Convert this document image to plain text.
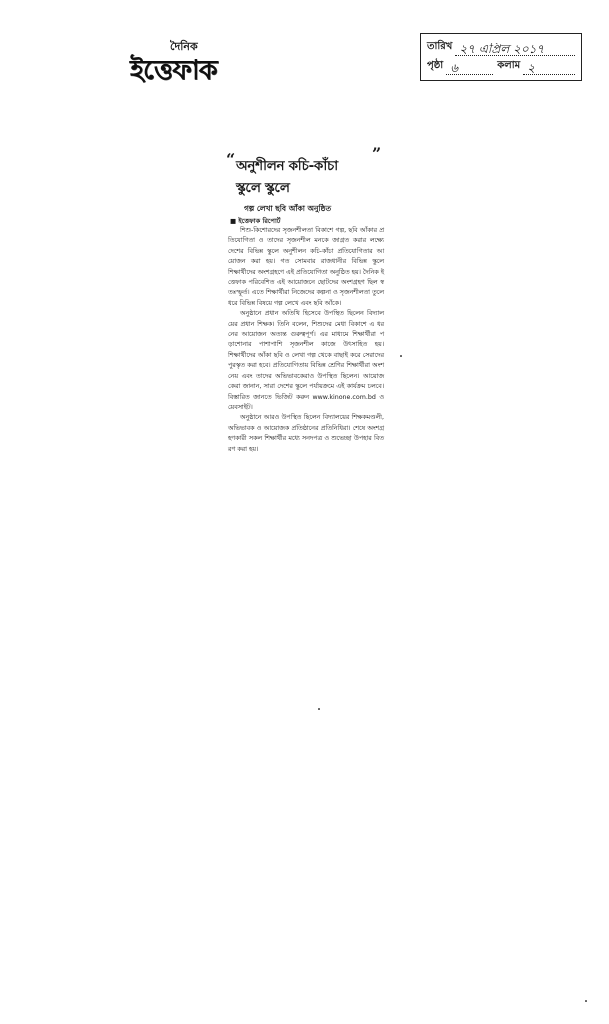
দৈনিক
ইত্তেফাক
তারিখ ২৭ এপ্রিল ২০১৭
পৃষ্ঠা ৬	কলাম ২
“	”
অনুশীলন কচি-কাঁচা
স্কুলে স্কুলে
গল্প লেখা ছবি আঁকা অনুষ্ঠিত
■ ইত্তেফাক রিপোর্ট

শিশু-কিশোরদের সৃজনশীলতা বিকাশে গল্প, ছবি আঁকার প্রতিযোগিতা ও তাদের সৃজনশীল মনকে জাগ্রত করার লক্ষ্যে দেশের বিভিন্ন স্কুলে অনুশীলন কচি-কাঁচা প্রতিযোগিতার আয়োজন করা হয়। গত সোমবার রাজধানীর বিভিন্ন স্কুলে শিক্ষার্থীদের অংশগ্রহণে এই প্রতিযোগিতা অনুষ্ঠিত হয়। দৈনিক ইত্তেফাক পরিবেশিত এই আয়োজনে ছোটদের অংশগ্রহণ ছিল স্বতঃস্ফূর্ত। এতে শিক্ষার্থীরা নিজেদের কল্পনা ও সৃজনশীলতা তুলে ধরে বিভিন্ন বিষয়ে গল্প লেখে এবং ছবি আঁকে।

অনুষ্ঠানে প্রধান অতিথি হিসেবে উপস্থিত ছিলেন বিদ্যালয়ের প্রধান শিক্ষক। তিনি বলেন, শিশুদের মেধা বিকাশে এ ধরনের আয়োজন অত্যন্ত গুরুত্বপূর্ণ। এর মাধ্যমে শিক্ষার্থীরা পড়াশোনার পাশাপাশি সৃজনশীল কাজে উৎসাহিত হয়। শিক্ষার্থীদের আঁকা ছবি ও লেখা গল্প থেকে বাছাই করে সেরাদের পুরস্কৃত করা হবে। প্রতিযোগিতায় বিভিন্ন শ্রেণির শিক্ষার্থীরা অংশ নেয় এবং তাদের অভিভাবকেরাও উপস্থিত ছিলেন। আয়োজকেরা জানান, সারা দেশের স্কুলে পর্যায়ক্রমে এই কার্যক্রম চলবে। বিস্তারিত জানতে ভিজিট করুন www.kinone.com.bd ওয়েবসাইট।

অনুষ্ঠানে আরও উপস্থিত ছিলেন বিদ্যালয়ের শিক্ষকমণ্ডলী, অভিভাবক ও আয়োজক প্রতিষ্ঠানের প্রতিনিধিরা। শেষে অংশগ্রহণকারী সকল শিক্ষার্থীর মধ্যে সনদপত্র ও শুভেচ্ছা উপহার বিতরণ করা হয়।
